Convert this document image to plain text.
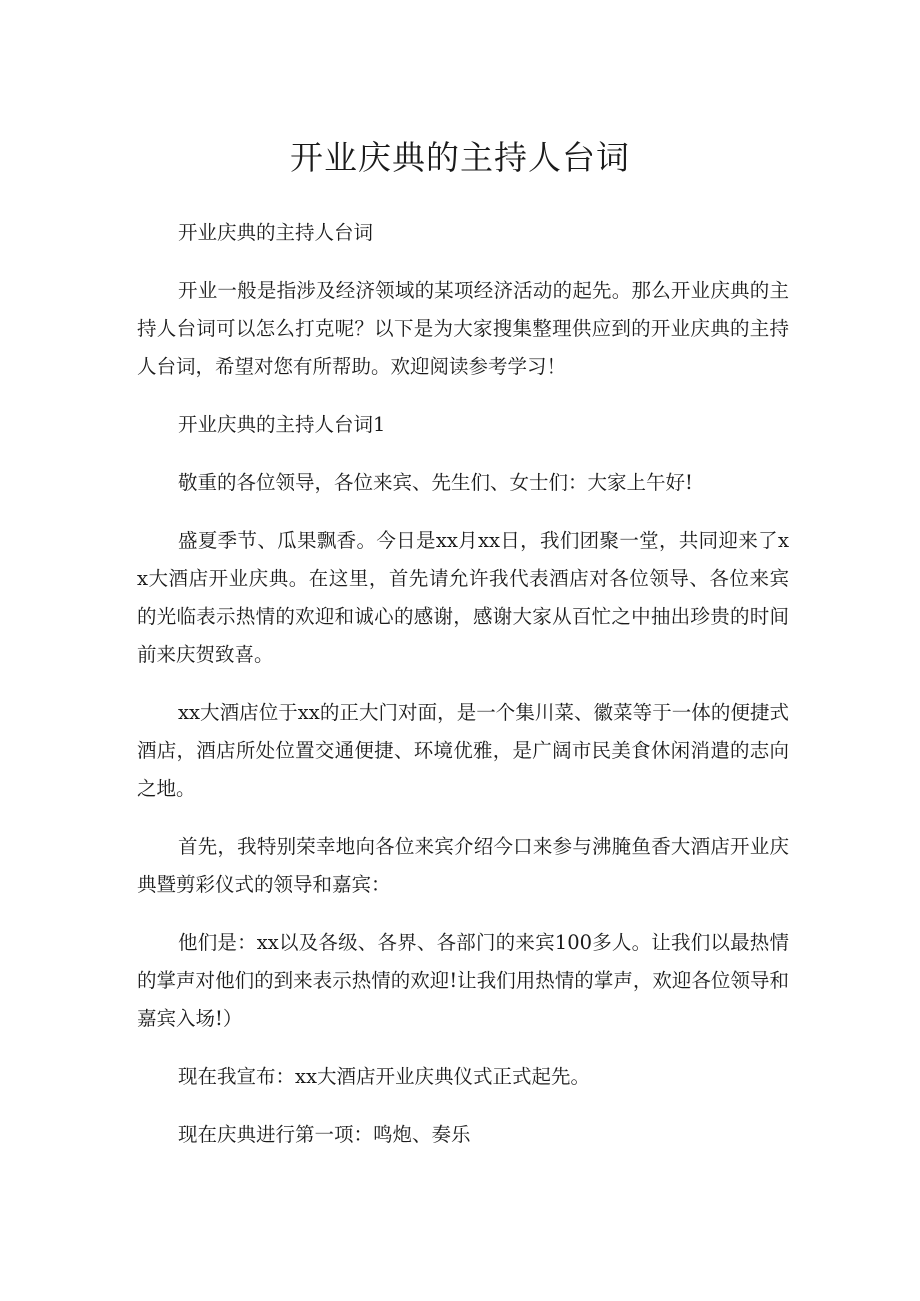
开业庆典的主持人台词

开业庆典的主持人台词

开业一般是指涉及经济领域的某项经济活动的起先。那么开业庆典的主持人台词可以怎么打克呢？以下是为大家搜集整理供应到的开业庆典的主持人台词，希望对您有所帮助。欢迎阅读参考学习！

开业庆典的主持人台词1

敬重的各位领导，各位来宾、先生们、女士们：大家上午好!

盛夏季节、瓜果飘香。今日是xx月xx日，我们团聚一堂，共同迎来了xx大酒店开业庆典。在这里，首先请允许我代表酒店对各位领导、各位来宾的光临表示热情的欢迎和诚心的感谢，感谢大家从百忙之中抽出珍贵的时间前来庆贺致喜。

xx大酒店位于xx的正大门对面，是一个集川菜、徽菜等于一体的便捷式酒店，酒店所处位置交通便捷、环境优雅，是广阔市民美食休闲消遣的志向之地。

首先，我特别荣幸地向各位来宾介绍今口来参与沸腌鱼香大酒店开业庆典暨剪彩仪式的领导和嘉宾：

他们是：xx以及各级、各界、各部门的来宾100多人。让我们以最热情的掌声对他们的到来表示热情的欢迎!让我们用热情的掌声，欢迎各位领导和嘉宾入场!）

现在我宣布：xx大酒店开业庆典仪式正式起先。

现在庆典进行第一项：鸣炮、奏乐
